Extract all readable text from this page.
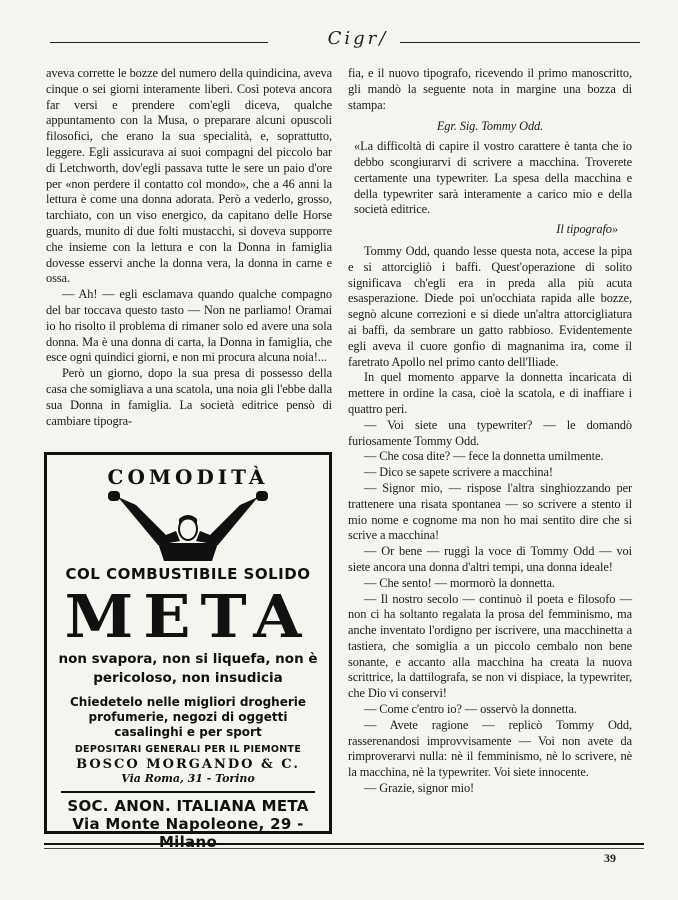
Cigr/

aveva corrette le bozze del numero della quindicina, aveva cinque o sei giorni interamente liberi. Così poteva ancora far versi e prendere com'egli diceva, qualche appuntamento con la Musa, o preparare alcuni opuscoli filosofici, che erano la sua specialità, e, soprattutto, leggere. Egli assicurava ai suoi compagni del piccolo bar di Letchworth, dov'egli passava tutte le sere un paio d'ore per «non perdere il contatto col mondo», che a 46 anni la lettura è come una donna adorata. Però a vederlo, grosso, tarchiato, con un viso energico, da capitano delle Horse guards, munito di due folti mustacchi, si doveva supporre che insieme con la lettura e con la Donna in famiglia dovesse esservi anche la donna vera, la donna in carne e ossa.

— Ah! — egli esclamava quando qualche compagno del bar toccava questo tasto — Non ne parliamo! Oramai io ho risolto il problema di rimaner solo ed avere una sola donna. Ma è una donna di carta, la Donna in famiglia, che esce ogni quindici giorni, e non mi procura alcuna noia!...

Però un giorno, dopo la sua presa di possesso della casa che somigliava a una scatola, una noia gli l'ebbe dalla sua Donna in famiglia. La società editrice pensò di cambiare tipogra-

COMODITÀ
COL COMBUSTIBILE SOLIDO
META
non svapora, non si liquefa, non è
pericoloso, non insudicia
Chiedetelo nelle migliori drogherie
profumerie, negozi di oggetti
casalinghi e per sport
DEPOSITARI GENERALI PER IL PIEMONTE
BOSCO MORGANDO & C.
Via Roma, 31 - Torino
SOC. ANON. ITALIANA META
Via Monte Napoleone, 29 - Milano

fia, e il nuovo tipografo, ricevendo il primo manoscritto, gli mandò la seguente nota in margine una bozza di stampa:

Egr. Sig. Tommy Odd.

«La difficoltà di capire il vostro carattere è tanta che io debbo scongiurarvi di scrivere a macchina. Troverete certamente una typewriter. La spesa della macchina e della typewriter sarà interamente a carico mio e della società editrice.

Il tipografo»

Tommy Odd, quando lesse questa nota, accese la pipa e si attorcigliò i baffi. Quest'operazione di solito significava ch'egli era in preda alla più acuta esasperazione. Diede poi un'occhiata rapida alle bozze, segnò alcune correzioni e si diede un'altra attorcigliatura ai baffi, da sembrare un gatto rabbioso. Evidentemente egli aveva il cuore gonfio di magnanima ira, come il faretrato Apollo nel primo canto dell'Iliade.

In quel momento apparve la donnetta incaricata di mettere in ordine la casa, cioè la scatola, e di inaffiare i quattro peri.

— Voi siete una typewriter? — le domandò furiosamente Tommy Odd.

— Che cosa dite? — fece la donnetta umilmente.

— Dico se sapete scrivere a macchina!

— Signor mio, — rispose l'altra singhiozzando per trattenere una risata spontanea — so scrivere a stento il mio nome e cognome ma non ho mai sentito dire che si scrive a macchina!

— Or bene — ruggì la voce di Tommy Odd — voi siete ancora una donna d'altri tempi, una donna ideale!

— Che sento! — mormorò la donnetta.

— Il nostro secolo — continuò il poeta e filosofo — non ci ha soltanto regalata la prosa del femminismo, ma anche inventato l'ordigno per iscrivere, una macchinetta a tastiera, che somiglia a un piccolo cembalo non bene sonante, e accanto alla macchina ha creata la nuova scrittrice, la dattilografa, se non vi dispiace, la typewriter, che Dio vi conservi!

— Come c'entro io? — osservò la donnetta.

— Avete ragione — replicò Tommy Odd, rasserenandosi improvvisamente — Voi non avete da rimproverarvi nulla: nè il femminismo, nè lo scrivere, nè la macchina, nè la typewriter. Voi siete innocente.

— Grazie, signor mio!

39
